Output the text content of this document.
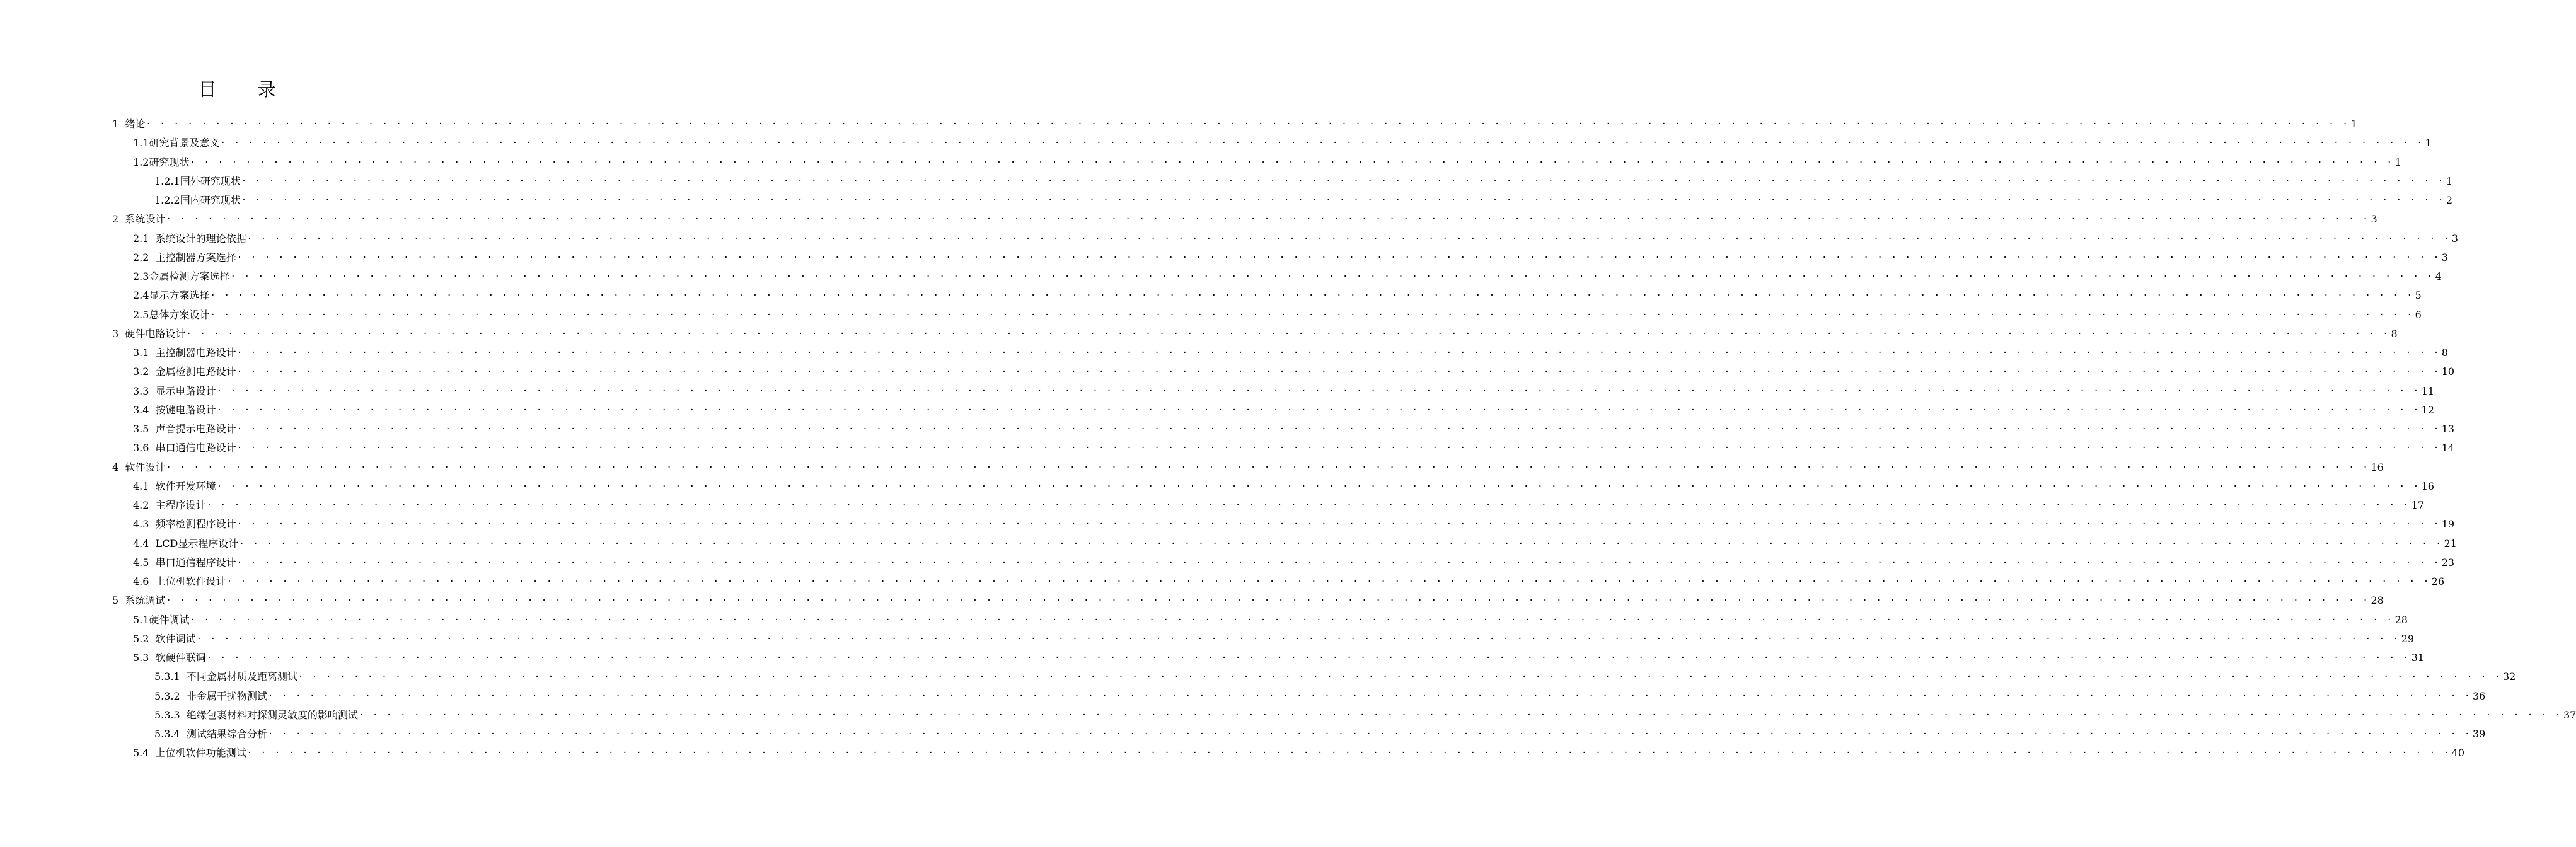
目 录
1  绪论 · · · · · · · · · · · · · · · · · · · · · · · · · · · · · · · · · · · · · · · · · · · · · · · · · · · · · · · · · · · · · · · · · · · · · · · · · · · · · · · · · · · · · · · · · · · · · · · · · · · · · · · · · · · · · · · · · · · · · · · · · · · · · · · · · · · · · · · · · · · · · · · · · · · · · · · · · · · · · · · 1
1.1研究背景及意义 · · · · · · · · · · · · · · · · · · · · · · · · · · · · · · · · · · · · · · · · · · · · · · · · · · · · · · · · · · · · · · · · · · · · · · · · · · · · · · · · · · · · · · · · · · · · · · · · · · · · · · · · · · · · · · · · · · · · · · · · · · · · · · · · · · · · · · · · · · · · · · · · · · · · · · · · · · · · · · · 1
1.2研究现状 · · · · · · · · · · · · · · · · · · · · · · · · · · · · · · · · · · · · · · · · · · · · · · · · · · · · · · · · · · · · · · · · · · · · · · · · · · · · · · · · · · · · · · · · · · · · · · · · · · · · · · · · · · · · · · · · · · · · · · · · · · · · · · · · · · · · · · · · · · · · · · · · · · · · · · · · · · · · · · · 1
1.2.1国外研究现状 · · · · · · · · · · · · · · · · · · · · · · · · · · · · · · · · · · · · · · · · · · · · · · · · · · · · · · · · · · · · · · · · · · · · · · · · · · · · · · · · · · · · · · · · · · · · · · · · · · · · · · · · · · · · · · · · · · · · · · · · · · · · · · · · · · · · · · · · · · · · · · · · · · · · · · · · · · · · · · · 1
1.2.2国内研究现状 · · · · · · · · · · · · · · · · · · · · · · · · · · · · · · · · · · · · · · · · · · · · · · · · · · · · · · · · · · · · · · · · · · · · · · · · · · · · · · · · · · · · · · · · · · · · · · · · · · · · · · · · · · · · · · · · · · · · · · · · · · · · · · · · · · · · · · · · · · · · · · · · · · · · · · · · · · · · · · · 2
2  系统设计 · · · · · · · · · · · · · · · · · · · · · · · · · · · · · · · · · · · · · · · · · · · · · · · · · · · · · · · · · · · · · · · · · · · · · · · · · · · · · · · · · · · · · · · · · · · · · · · · · · · · · · · · · · · · · · · · · · · · · · · · · · · · · · · · · · · · · · · · · · · · · · · · · · · · · · · · · · · · · · · 3
2.1  系统设计的理论依据 · · · · · · · · · · · · · · · · · · · · · · · · · · · · · · · · · · · · · · · · · · · · · · · · · · · · · · · · · · · · · · · · · · · · · · · · · · · · · · · · · · · · · · · · · · · · · · · · · · · · · · · · · · · · · · · · · · · · · · · · · · · · · · · · · · · · · · · · · · · · · · · · · · · · · · · · · · · · · · · 3
2.2  主控制器方案选择 · · · · · · · · · · · · · · · · · · · · · · · · · · · · · · · · · · · · · · · · · · · · · · · · · · · · · · · · · · · · · · · · · · · · · · · · · · · · · · · · · · · · · · · · · · · · · · · · · · · · · · · · · · · · · · · · · · · · · · · · · · · · · · · · · · · · · · · · · · · · · · · · · · · · · · · · · · · · · · · 3
2.3金属检测方案选择 · · · · · · · · · · · · · · · · · · · · · · · · · · · · · · · · · · · · · · · · · · · · · · · · · · · · · · · · · · · · · · · · · · · · · · · · · · · · · · · · · · · · · · · · · · · · · · · · · · · · · · · · · · · · · · · · · · · · · · · · · · · · · · · · · · · · · · · · · · · · · · · · · · · · · · · · · · · · · · · 4
2.4显示方案选择 · · · · · · · · · · · · · · · · · · · · · · · · · · · · · · · · · · · · · · · · · · · · · · · · · · · · · · · · · · · · · · · · · · · · · · · · · · · · · · · · · · · · · · · · · · · · · · · · · · · · · · · · · · · · · · · · · · · · · · · · · · · · · · · · · · · · · · · · · · · · · · · · · · · · · · · · · · · · · · · 5
2.5总体方案设计 · · · · · · · · · · · · · · · · · · · · · · · · · · · · · · · · · · · · · · · · · · · · · · · · · · · · · · · · · · · · · · · · · · · · · · · · · · · · · · · · · · · · · · · · · · · · · · · · · · · · · · · · · · · · · · · · · · · · · · · · · · · · · · · · · · · · · · · · · · · · · · · · · · · · · · · · · · · · · · · 6
3  硬件电路设计 · · · · · · · · · · · · · · · · · · · · · · · · · · · · · · · · · · · · · · · · · · · · · · · · · · · · · · · · · · · · · · · · · · · · · · · · · · · · · · · · · · · · · · · · · · · · · · · · · · · · · · · · · · · · · · · · · · · · · · · · · · · · · · · · · · · · · · · · · · · · · · · · · · · · · · · · · · · · · · · 8
3.1  主控制器电路设计 · · · · · · · · · · · · · · · · · · · · · · · · · · · · · · · · · · · · · · · · · · · · · · · · · · · · · · · · · · · · · · · · · · · · · · · · · · · · · · · · · · · · · · · · · · · · · · · · · · · · · · · · · · · · · · · · · · · · · · · · · · · · · · · · · · · · · · · · · · · · · · · · · · · · · · · · · · · · · · · 8
3.2  金属检测电路设计 · · · · · · · · · · · · · · · · · · · · · · · · · · · · · · · · · · · · · · · · · · · · · · · · · · · · · · · · · · · · · · · · · · · · · · · · · · · · · · · · · · · · · · · · · · · · · · · · · · · · · · · · · · · · · · · · · · · · · · · · · · · · · · · · · · · · · · · · · · · · · · · · · · · · · · · · · · · · · · · 10
3.3  显示电路设计 · · · · · · · · · · · · · · · · · · · · · · · · · · · · · · · · · · · · · · · · · · · · · · · · · · · · · · · · · · · · · · · · · · · · · · · · · · · · · · · · · · · · · · · · · · · · · · · · · · · · · · · · · · · · · · · · · · · · · · · · · · · · · · · · · · · · · · · · · · · · · · · · · · · · · · · · · · · · · · · 11
3.4  按键电路设计 · · · · · · · · · · · · · · · · · · · · · · · · · · · · · · · · · · · · · · · · · · · · · · · · · · · · · · · · · · · · · · · · · · · · · · · · · · · · · · · · · · · · · · · · · · · · · · · · · · · · · · · · · · · · · · · · · · · · · · · · · · · · · · · · · · · · · · · · · · · · · · · · · · · · · · · · · · · · · · · 12
3.5  声音提示电路设计 · · · · · · · · · · · · · · · · · · · · · · · · · · · · · · · · · · · · · · · · · · · · · · · · · · · · · · · · · · · · · · · · · · · · · · · · · · · · · · · · · · · · · · · · · · · · · · · · · · · · · · · · · · · · · · · · · · · · · · · · · · · · · · · · · · · · · · · · · · · · · · · · · · · · · · · · · · · · · · · 13
3.6  串口通信电路设计 · · · · · · · · · · · · · · · · · · · · · · · · · · · · · · · · · · · · · · · · · · · · · · · · · · · · · · · · · · · · · · · · · · · · · · · · · · · · · · · · · · · · · · · · · · · · · · · · · · · · · · · · · · · · · · · · · · · · · · · · · · · · · · · · · · · · · · · · · · · · · · · · · · · · · · · · · · · · · · · 14
4  软件设计 · · · · · · · · · · · · · · · · · · · · · · · · · · · · · · · · · · · · · · · · · · · · · · · · · · · · · · · · · · · · · · · · · · · · · · · · · · · · · · · · · · · · · · · · · · · · · · · · · · · · · · · · · · · · · · · · · · · · · · · · · · · · · · · · · · · · · · · · · · · · · · · · · · · · · · · · · · · · · · · 16
4.1  软件开发环境 · · · · · · · · · · · · · · · · · · · · · · · · · · · · · · · · · · · · · · · · · · · · · · · · · · · · · · · · · · · · · · · · · · · · · · · · · · · · · · · · · · · · · · · · · · · · · · · · · · · · · · · · · · · · · · · · · · · · · · · · · · · · · · · · · · · · · · · · · · · · · · · · · · · · · · · · · · · · · · · 16
4.2  主程序设计 · · · · · · · · · · · · · · · · · · · · · · · · · · · · · · · · · · · · · · · · · · · · · · · · · · · · · · · · · · · · · · · · · · · · · · · · · · · · · · · · · · · · · · · · · · · · · · · · · · · · · · · · · · · · · · · · · · · · · · · · · · · · · · · · · · · · · · · · · · · · · · · · · · · · · · · · · · · · · · · 17
4.3  频率检测程序设计 · · · · · · · · · · · · · · · · · · · · · · · · · · · · · · · · · · · · · · · · · · · · · · · · · · · · · · · · · · · · · · · · · · · · · · · · · · · · · · · · · · · · · · · · · · · · · · · · · · · · · · · · · · · · · · · · · · · · · · · · · · · · · · · · · · · · · · · · · · · · · · · · · · · · · · · · · · · · · · · 19
4.4  LCD显示程序设计 · · · · · · · · · · · · · · · · · · · · · · · · · · · · · · · · · · · · · · · · · · · · · · · · · · · · · · · · · · · · · · · · · · · · · · · · · · · · · · · · · · · · · · · · · · · · · · · · · · · · · · · · · · · · · · · · · · · · · · · · · · · · · · · · · · · · · · · · · · · · · · · · · · · · · · · · · · · · · · · 21
4.5  串口通信程序设计 · · · · · · · · · · · · · · · · · · · · · · · · · · · · · · · · · · · · · · · · · · · · · · · · · · · · · · · · · · · · · · · · · · · · · · · · · · · · · · · · · · · · · · · · · · · · · · · · · · · · · · · · · · · · · · · · · · · · · · · · · · · · · · · · · · · · · · · · · · · · · · · · · · · · · · · · · · · · · · · 23
4.6  上位机软件设计 · · · · · · · · · · · · · · · · · · · · · · · · · · · · · · · · · · · · · · · · · · · · · · · · · · · · · · · · · · · · · · · · · · · · · · · · · · · · · · · · · · · · · · · · · · · · · · · · · · · · · · · · · · · · · · · · · · · · · · · · · · · · · · · · · · · · · · · · · · · · · · · · · · · · · · · · · · · · · · · 26
5  系统调试 · · · · · · · · · · · · · · · · · · · · · · · · · · · · · · · · · · · · · · · · · · · · · · · · · · · · · · · · · · · · · · · · · · · · · · · · · · · · · · · · · · · · · · · · · · · · · · · · · · · · · · · · · · · · · · · · · · · · · · · · · · · · · · · · · · · · · · · · · · · · · · · · · · · · · · · · · · · · · · · 28
5.1硬件调试 · · · · · · · · · · · · · · · · · · · · · · · · · · · · · · · · · · · · · · · · · · · · · · · · · · · · · · · · · · · · · · · · · · · · · · · · · · · · · · · · · · · · · · · · · · · · · · · · · · · · · · · · · · · · · · · · · · · · · · · · · · · · · · · · · · · · · · · · · · · · · · · · · · · · · · · · · · · · · · · 28
5.2  软件调试 · · · · · · · · · · · · · · · · · · · · · · · · · · · · · · · · · · · · · · · · · · · · · · · · · · · · · · · · · · · · · · · · · · · · · · · · · · · · · · · · · · · · · · · · · · · · · · · · · · · · · · · · · · · · · · · · · · · · · · · · · · · · · · · · · · · · · · · · · · · · · · · · · · · · · · · · · · · · · · · 29
5.3  软硬件联调 · · · · · · · · · · · · · · · · · · · · · · · · · · · · · · · · · · · · · · · · · · · · · · · · · · · · · · · · · · · · · · · · · · · · · · · · · · · · · · · · · · · · · · · · · · · · · · · · · · · · · · · · · · · · · · · · · · · · · · · · · · · · · · · · · · · · · · · · · · · · · · · · · · · · · · · · · · · · · · · 31
5.3.1  不同金属材质及距离测试 · · · · · · · · · · · · · · · · · · · · · · · · · · · · · · · · · · · · · · · · · · · · · · · · · · · · · · · · · · · · · · · · · · · · · · · · · · · · · · · · · · · · · · · · · · · · · · · · · · · · · · · · · · · · · · · · · · · · · · · · · · · · · · · · · · · · · · · · · · · · · · · · · · · · · · · · · · · · · · · 32
5.3.2  非金属干扰物测试 · · · · · · · · · · · · · · · · · · · · · · · · · · · · · · · · · · · · · · · · · · · · · · · · · · · · · · · · · · · · · · · · · · · · · · · · · · · · · · · · · · · · · · · · · · · · · · · · · · · · · · · · · · · · · · · · · · · · · · · · · · · · · · · · · · · · · · · · · · · · · · · · · · · · · · · · · · · · · · · 36
5.3.3  绝缘包裹材料对探测灵敏度的影响测试 · · · · · · · · · · · · · · · · · · · · · · · · · · · · · · · · · · · · · · · · · · · · · · · · · · · · · · · · · · · · · · · · · · · · · · · · · · · · · · · · · · · · · · · · · · · · · · · · · · · · · · · · · · · · · · · · · · · · · · · · · · · · · · · · · · · · · · · · · · · · · · · · · · · · · · · · · · · · · · · 37
5.3.4  测试结果综合分析 · · · · · · · · · · · · · · · · · · · · · · · · · · · · · · · · · · · · · · · · · · · · · · · · · · · · · · · · · · · · · · · · · · · · · · · · · · · · · · · · · · · · · · · · · · · · · · · · · · · · · · · · · · · · · · · · · · · · · · · · · · · · · · · · · · · · · · · · · · · · · · · · · · · · · · · · · · · · · · · 39
5.4  上位机软件功能测试 · · · · · · · · · · · · · · · · · · · · · · · · · · · · · · · · · · · · · · · · · · · · · · · · · · · · · · · · · · · · · · · · · · · · · · · · · · · · · · · · · · · · · · · · · · · · · · · · · · · · · · · · · · · · · · · · · · · · · · · · · · · · · · · · · · · · · · · · · · · · · · · · · · · · · · · · · · · · · · · 40
